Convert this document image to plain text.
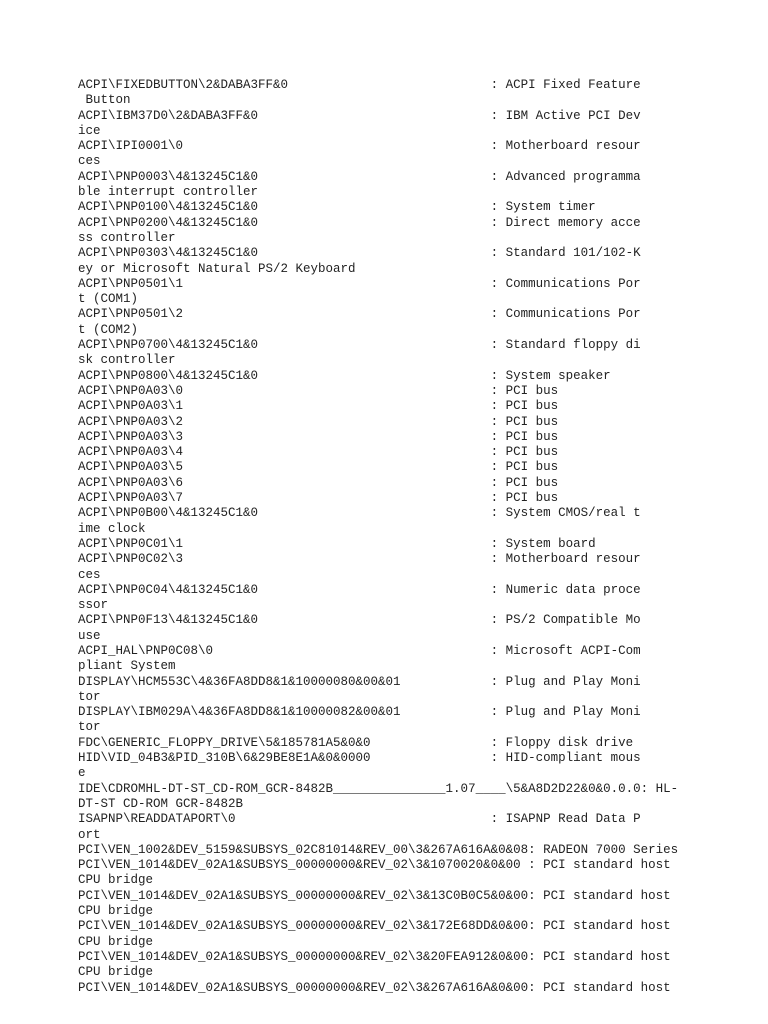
ACPI\FIXEDBUTTON\2&DABA3FF&0                           : ACPI Fixed Feature
Button
ACPI\IBM37D0\2&DABA3FF&0                               : IBM Active PCI Dev
ice
ACPI\IPI0001\0                                         : Motherboard resour
ces
ACPI\PNP0003\4&13245C1&0                               : Advanced programma
ble interrupt controller
ACPI\PNP0100\4&13245C1&0                               : System timer
ACPI\PNP0200\4&13245C1&0                               : Direct memory acce
ss controller
ACPI\PNP0303\4&13245C1&0                               : Standard 101/102-K
ey or Microsoft Natural PS/2 Keyboard
ACPI\PNP0501\1                                         : Communications Por
t (COM1)
ACPI\PNP0501\2                                         : Communications Por
t (COM2)
ACPI\PNP0700\4&13245C1&0                               : Standard floppy di
sk controller
ACPI\PNP0800\4&13245C1&0                               : System speaker
ACPI\PNP0A03\0                                         : PCI bus
ACPI\PNP0A03\1                                         : PCI bus
ACPI\PNP0A03\2                                         : PCI bus
ACPI\PNP0A03\3                                         : PCI bus
ACPI\PNP0A03\4                                         : PCI bus
ACPI\PNP0A03\5                                         : PCI bus
ACPI\PNP0A03\6                                         : PCI bus
ACPI\PNP0A03\7                                         : PCI bus
ACPI\PNP0B00\4&13245C1&0                               : System CMOS/real t
ime clock
ACPI\PNP0C01\1                                         : System board
ACPI\PNP0C02\3                                         : Motherboard resour
ces
ACPI\PNP0C04\4&13245C1&0                               : Numeric data proce
ssor
ACPI\PNP0F13\4&13245C1&0                               : PS/2 Compatible Mo
use
ACPI_HAL\PNP0C08\0                                     : Microsoft ACPI-Com
pliant System
DISPLAY\HCM553C\4&36FA8DD8&1&10000080&00&01            : Plug and Play Moni
tor
DISPLAY\IBM029A\4&36FA8DD8&1&10000082&00&01            : Plug and Play Moni
tor
FDC\GENERIC_FLOPPY_DRIVE\5&185781A5&0&0                : Floppy disk drive
HID\VID_04B3&PID_310B\6&29BE8E1A&0&0000                : HID-compliant mous
e
IDE\CDROMHL-DT-ST_CD-ROM_GCR-8482B_______________1.07____\5&A8D2D22&0&0.0.0: HL-
DT-ST CD-ROM GCR-8482B
ISAPNP\READDATAPORT\0                                  : ISAPNP Read Data P
ort
PCI\VEN_1002&DEV_5159&SUBSYS_02C81014&REV_00\3&267A616A&0&08: RADEON 7000 Series
PCI\VEN_1014&DEV_02A1&SUBSYS_00000000&REV_02\3&1070020&0&00 : PCI standard host
CPU bridge
PCI\VEN_1014&DEV_02A1&SUBSYS_00000000&REV_02\3&13C0B0C5&0&00: PCI standard host
CPU bridge
PCI\VEN_1014&DEV_02A1&SUBSYS_00000000&REV_02\3&172E68DD&0&00: PCI standard host
CPU bridge
PCI\VEN_1014&DEV_02A1&SUBSYS_00000000&REV_02\3&20FEA912&0&00: PCI standard host
CPU bridge
PCI\VEN_1014&DEV_02A1&SUBSYS_00000000&REV_02\3&267A616A&0&00: PCI standard host
